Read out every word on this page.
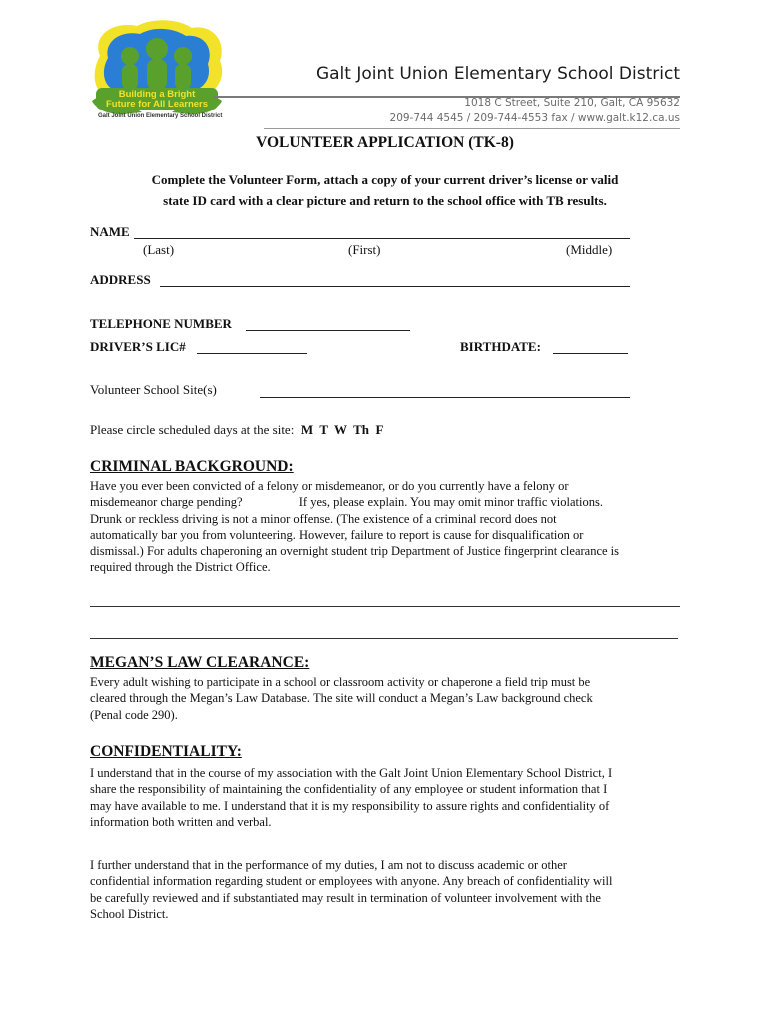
Building a Bright
Future for All Learners
Galt Joint Union Elementary School District
Galt Joint Union Elementary School District
1018 C Street, Suite 210, Galt, CA 95632
209-744 4545 / 209-744-4553 fax / www.galt.k12.ca.us
VOLUNTEER APPLICATION (TK-8)
Complete the Volunteer Form, attach a copy of your current driver’s license or valid
state ID card with a clear picture and return to the school office with TB results.
NAME
(Last)	(First)	(Middle)
ADDRESS
TELEPHONE NUMBER
DRIVER’S LIC#	BIRTHDATE:
Volunteer School Site(s)
Please circle scheduled days at the site: M  T  W  Th  F
CRIMINAL BACKGROUND:
Have you ever been convicted of a felony or misdemeanor, or do you currently have a felony or
misdemeanor charge pending?                  If yes, please explain. You may omit minor traffic violations.
Drunk or reckless driving is not a minor offense. (The existence of a criminal record does not
automatically bar you from volunteering. However, failure to report is cause for disqualification or
dismissal.) For adults chaperoning an overnight student trip Department of Justice fingerprint clearance is
required through the District Office.
MEGAN’S LAW CLEARANCE:
Every adult wishing to participate in a school or classroom activity or chaperone a field trip must be
cleared through the Megan’s Law Database. The site will conduct a Megan’s Law background check
(Penal code 290).
CONFIDENTIALITY:
I understand that in the course of my association with the Galt Joint Union Elementary School District, I
share the responsibility of maintaining the confidentiality of any employee or student information that I
may have available to me. I understand that it is my responsibility to assure rights and confidentiality of
information both written and verbal.
I further understand that in the performance of my duties, I am not to discuss academic or other
confidential information regarding student or employees with anyone. Any breach of confidentiality will
be carefully reviewed and if substantiated may result in termination of volunteer involvement with the
School District.
